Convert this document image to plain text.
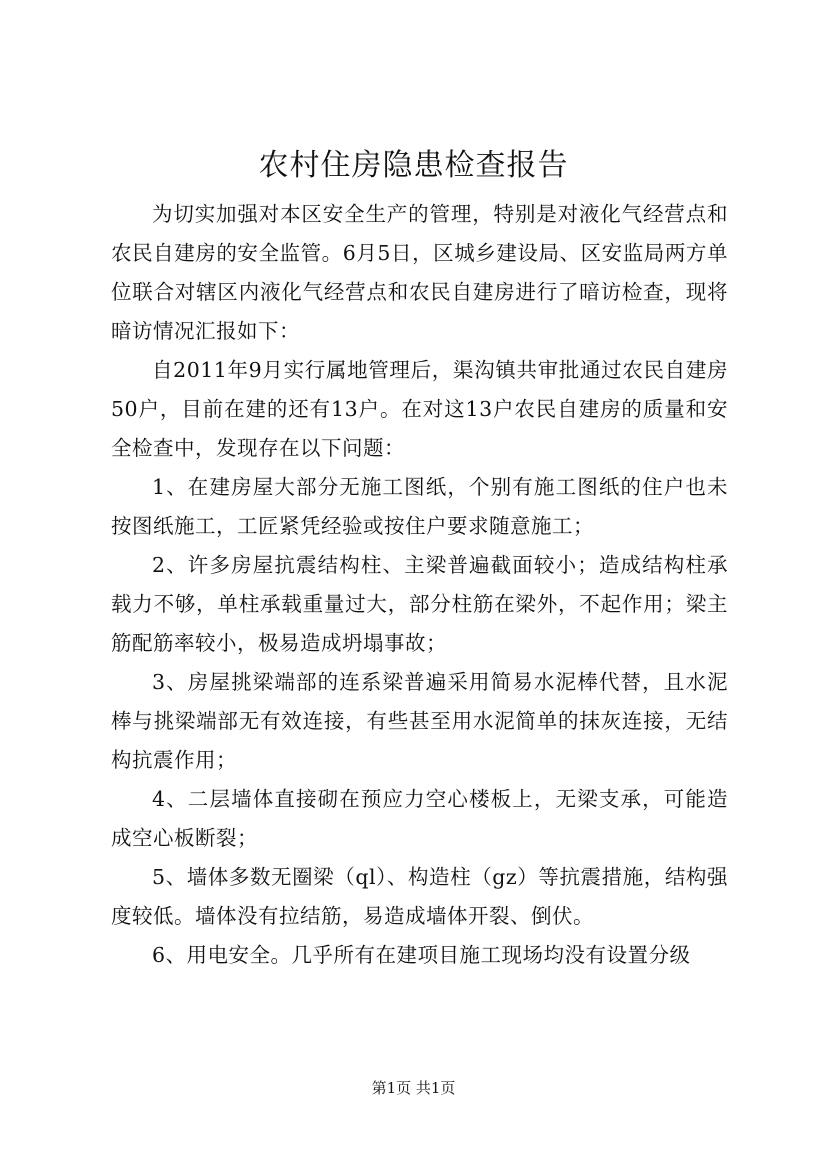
农村住房隐患检查报告

为切实加强对本区安全生产的管理，特别是对液化气经营点和农民自建房的安全监管。6月5日，区城乡建设局、区安监局两方单位联合对辖区内液化气经营点和农民自建房进行了暗访检查，现将暗访情况汇报如下：

自2011年9月实行属地管理后，渠沟镇共审批通过农民自建房50户，目前在建的还有13户。在对这13户农民自建房的质量和安全检查中，发现存在以下问题：

1、在建房屋大部分无施工图纸，个别有施工图纸的住户也未按图纸施工，工匠紧凭经验或按住户要求随意施工；

2、许多房屋抗震结构柱、主梁普遍截面较小；造成结构柱承载力不够，单柱承载重量过大，部分柱筋在梁外，不起作用；梁主筋配筋率较小，极易造成坍塌事故；

3、房屋挑梁端部的连系梁普遍采用简易水泥棒代替，且水泥棒与挑梁端部无有效连接，有些甚至用水泥简单的抹灰连接，无结构抗震作用；

4、二层墙体直接砌在预应力空心楼板上，无梁支承，可能造成空心板断裂；

5、墙体多数无圈梁（ql）、构造柱（gz）等抗震措施，结构强度较低。墙体没有拉结筋，易造成墙体开裂、倒伏。

6、用电安全。几乎所有在建项目施工现场均没有设置分级

第1页 共1页
